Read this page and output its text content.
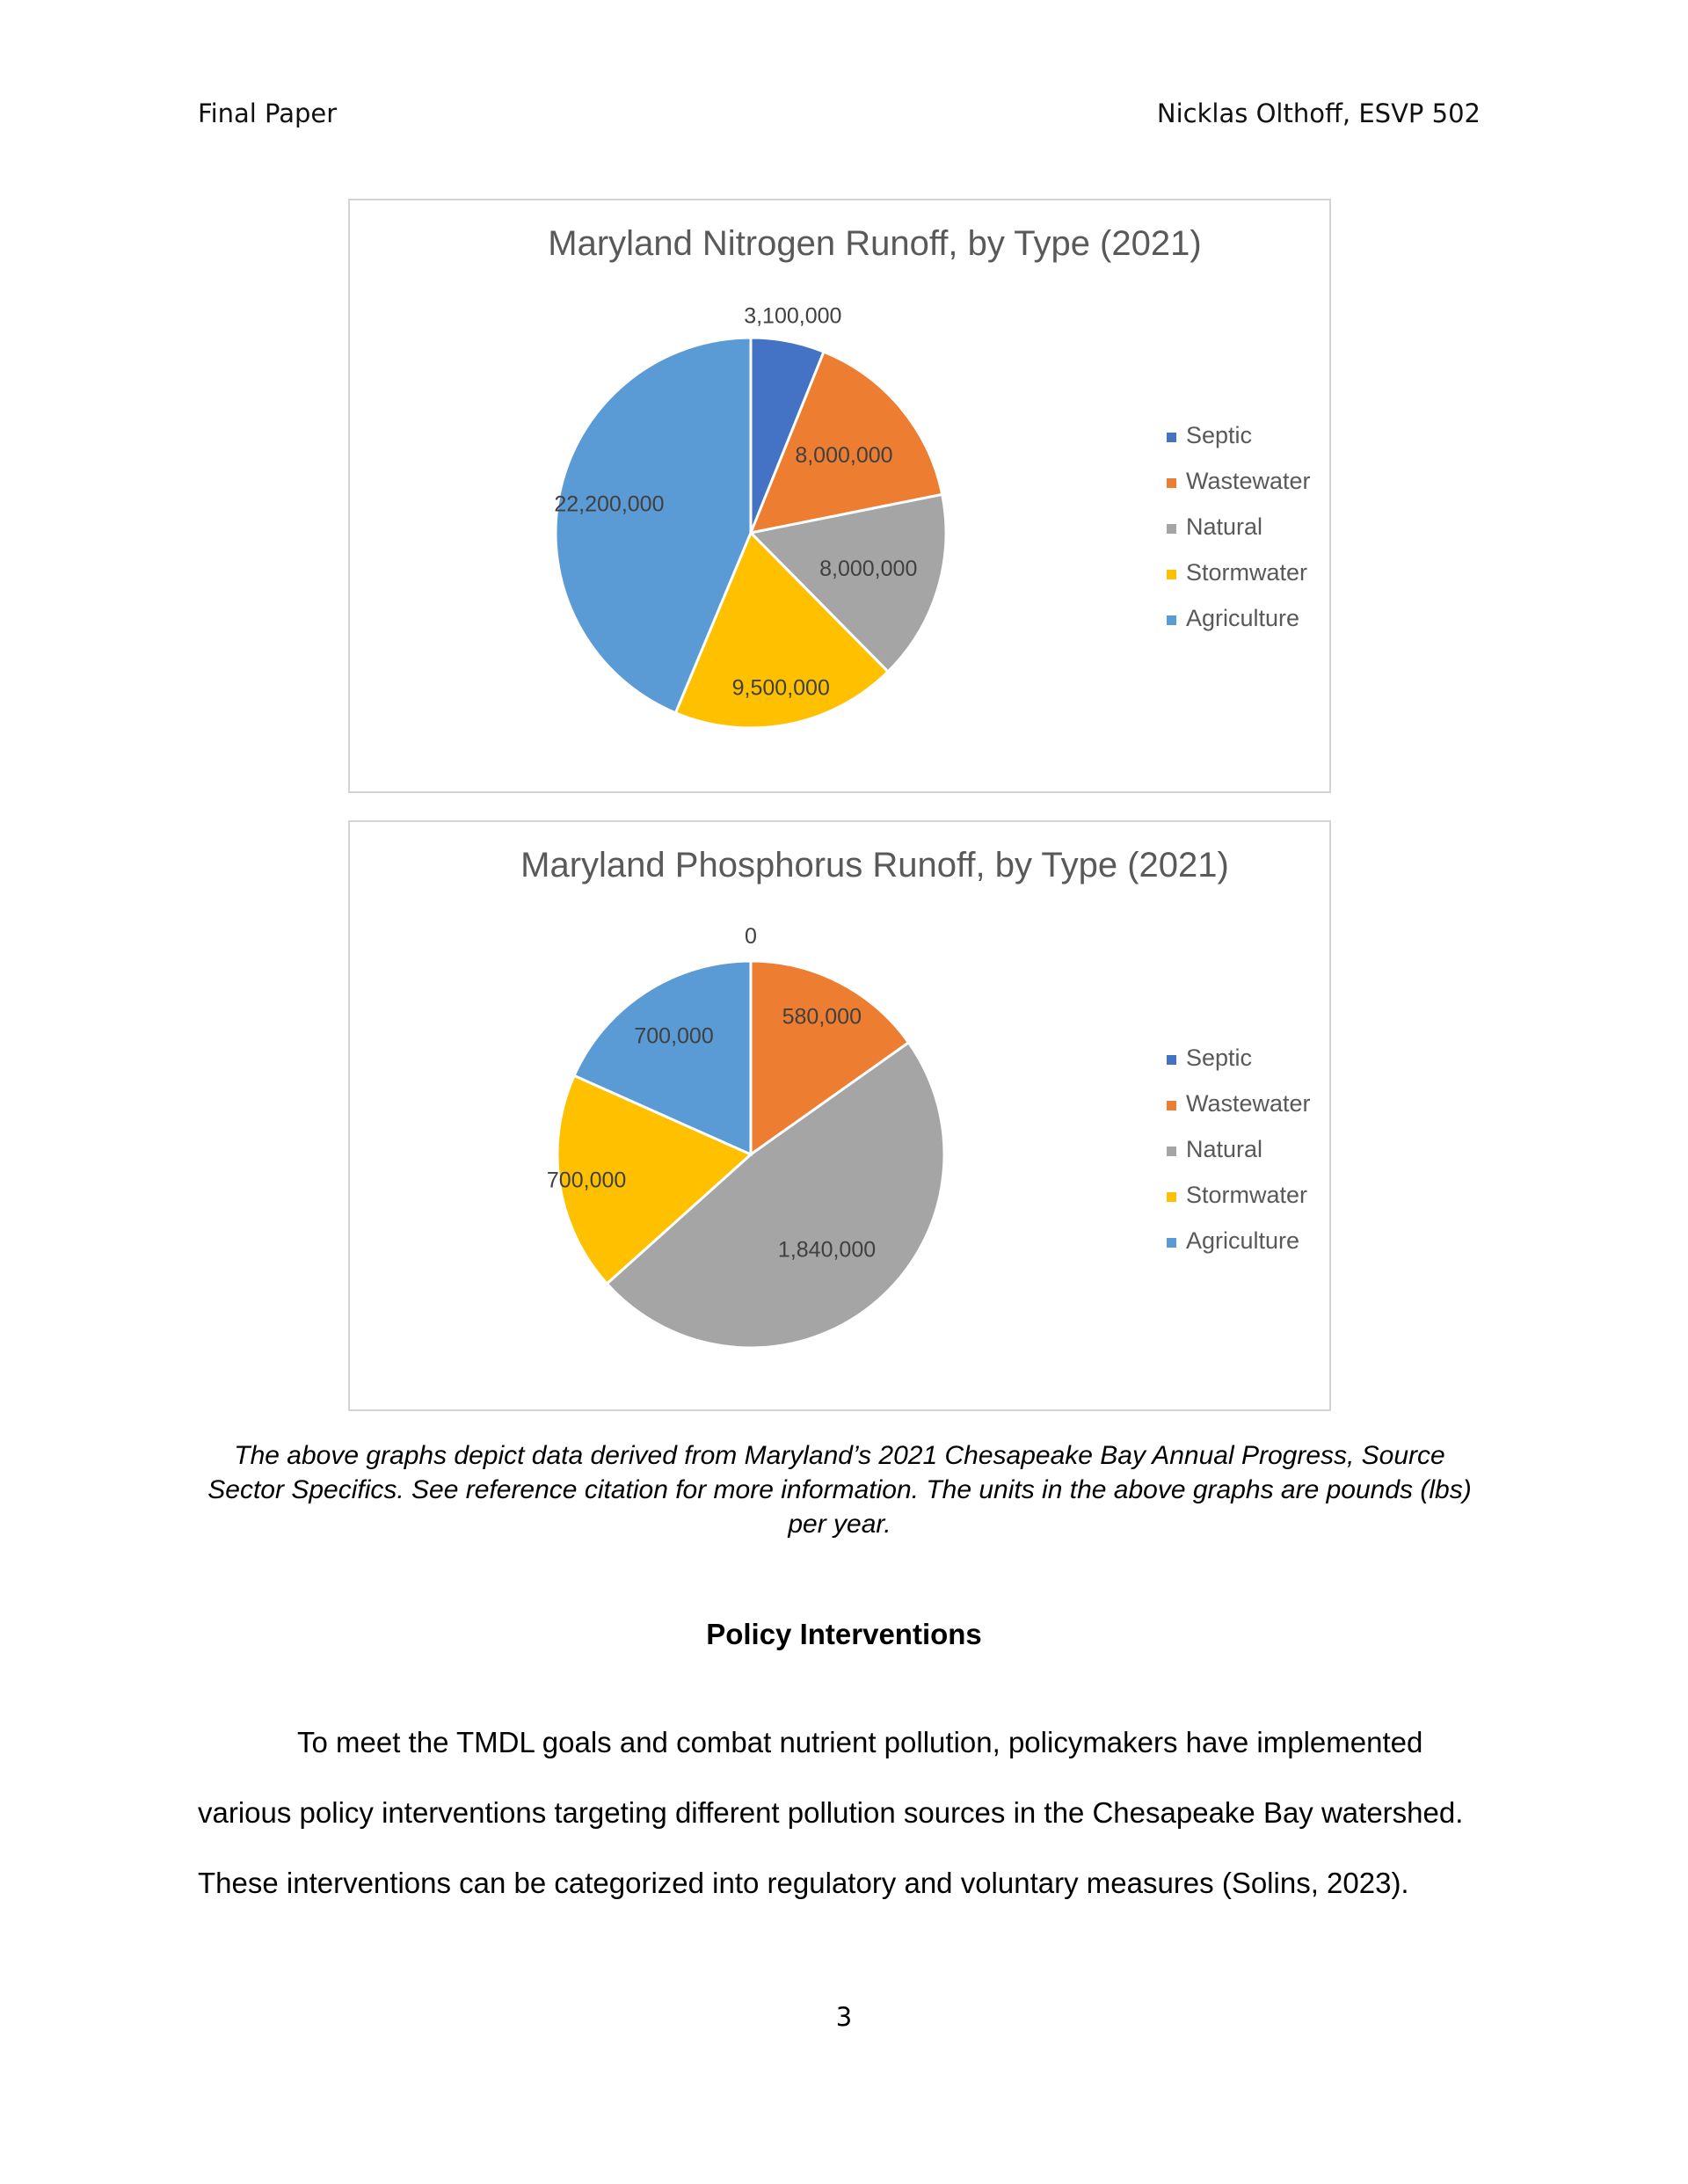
Final Paper	Nicklas Olthoff, ESVP 502
Maryland Nitrogen Runoff, by Type (2021)
3,100,000
8,000,000
8,000,000
9,500,000
22,200,000
Septic
Wastewater
Natural
Stormwater
Agriculture
Maryland Phosphorus Runoff, by Type (2021)
0
580,000
1,840,000
700,000
700,000
Septic
Wastewater
Natural
Stormwater
Agriculture
The above graphs depict data derived from Maryland’s 2021 Chesapeake Bay Annual Progress, Source Sector Specifics. See reference citation for more information. The units in the above graphs are pounds (lbs) per year.
Policy Interventions

To meet the TMDL goals and combat nutrient pollution, policymakers have implemented various policy interventions targeting different pollution sources in the Chesapeake Bay watershed. These interventions can be categorized into regulatory and voluntary measures (Solins, 2023).

3
